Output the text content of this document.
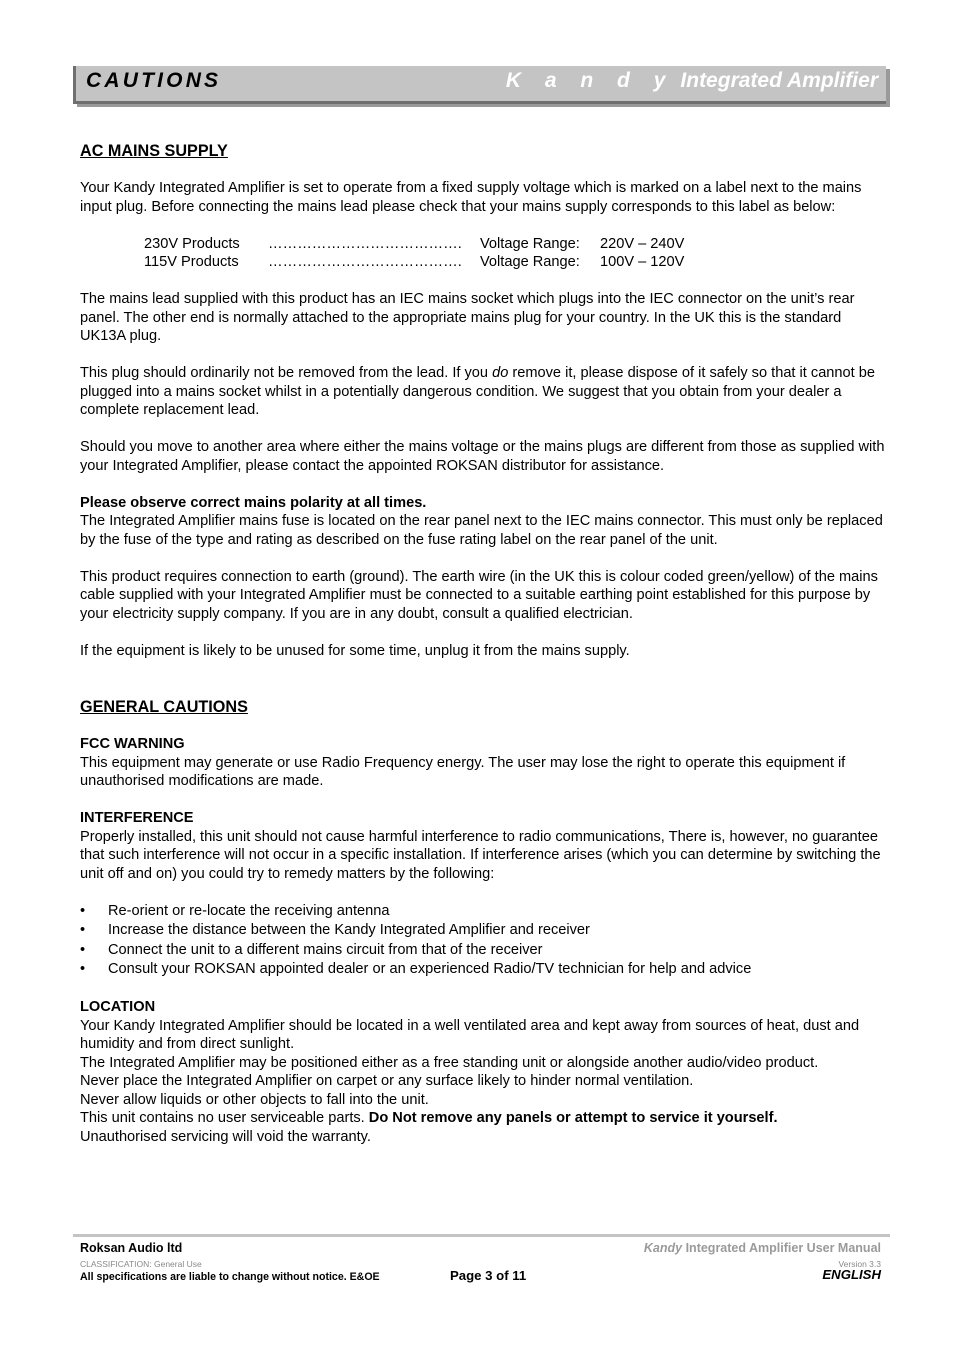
CAUTIONS	K a n d y Integrated Amplifier
AC MAINS SUPPLY

Your Kandy Integrated Amplifier is set to operate from a fixed supply voltage which is marked on a label next to the mains input plug. Before connecting the mains lead please check that your mains supply corresponds to this label as below:

230V Products	………………………………….	Voltage Range:	220V – 240V
115V Products	………………………………….	Voltage Range:	100V – 120V

The mains lead supplied with this product has an IEC mains socket which plugs into the IEC connector on the unit’s rear panel. The other end is normally attached to the appropriate mains plug for your country. In the UK this is the standard UK13A plug.

This plug should ordinarily not be removed from the lead. If you do remove it, please dispose of it safely so that it cannot be plugged into a mains socket whilst in a potentially dangerous condition. We suggest that you obtain from your dealer a complete replacement lead.

Should you move to another area where either the mains voltage or the mains plugs are different from those as supplied with your Integrated Amplifier, please contact the appointed ROKSAN distributor for assistance.

Please observe correct mains polarity at all times.

The Integrated Amplifier mains fuse is located on the rear panel next to the IEC mains connector. This must only be replaced by the fuse of the type and rating as described on the fuse rating label on the rear panel of the unit.

This product requires connection to earth (ground). The earth wire (in the UK this is colour coded green/yellow) of the mains cable supplied with your Integrated Amplifier must be connected to a suitable earthing point established for this purpose by your electricity supply company. If you are in any doubt, consult a qualified electrician.

If the equipment is likely to be unused for some time, unplug it from the mains supply.

GENERAL CAUTIONS

FCC WARNING

This equipment may generate or use Radio Frequency energy. The user may lose the right to operate this equipment if unauthorised modifications are made.

INTERFERENCE

Properly installed, this unit should not cause harmful interference to radio communications, There is, however, no guarantee that such interference will not occur in a specific installation. If interference arises (which you can determine by switching the unit off and on) you could try to remedy matters by the following:

• Re-orient or re-locate the receiving antenna
• Increase the distance between the Kandy Integrated Amplifier and receiver
• Connect the unit to a different mains circuit from that of the receiver
• Consult your ROKSAN appointed dealer or an experienced Radio/TV technician for help and advice

LOCATION

Your Kandy Integrated Amplifier should be located in a well ventilated area and kept away from sources of heat, dust and humidity and from direct sunlight.

The Integrated Amplifier may be positioned either as a free standing unit or alongside another audio/video product.

Never place the Integrated Amplifier on carpet or any surface likely to hinder normal ventilation.

Never allow liquids or other objects to fall into the unit.

This unit contains no user serviceable parts. Do Not remove any panels or attempt to service it yourself.

Unauthorised servicing will void the warranty.

Roksan Audio ltd
CLASSIFICATION: General Use
All specifications are liable to change without notice. E&OE	Page 3 of 11
Kandy Integrated Amplifier User Manual
Version 3.3
ENGLISH
